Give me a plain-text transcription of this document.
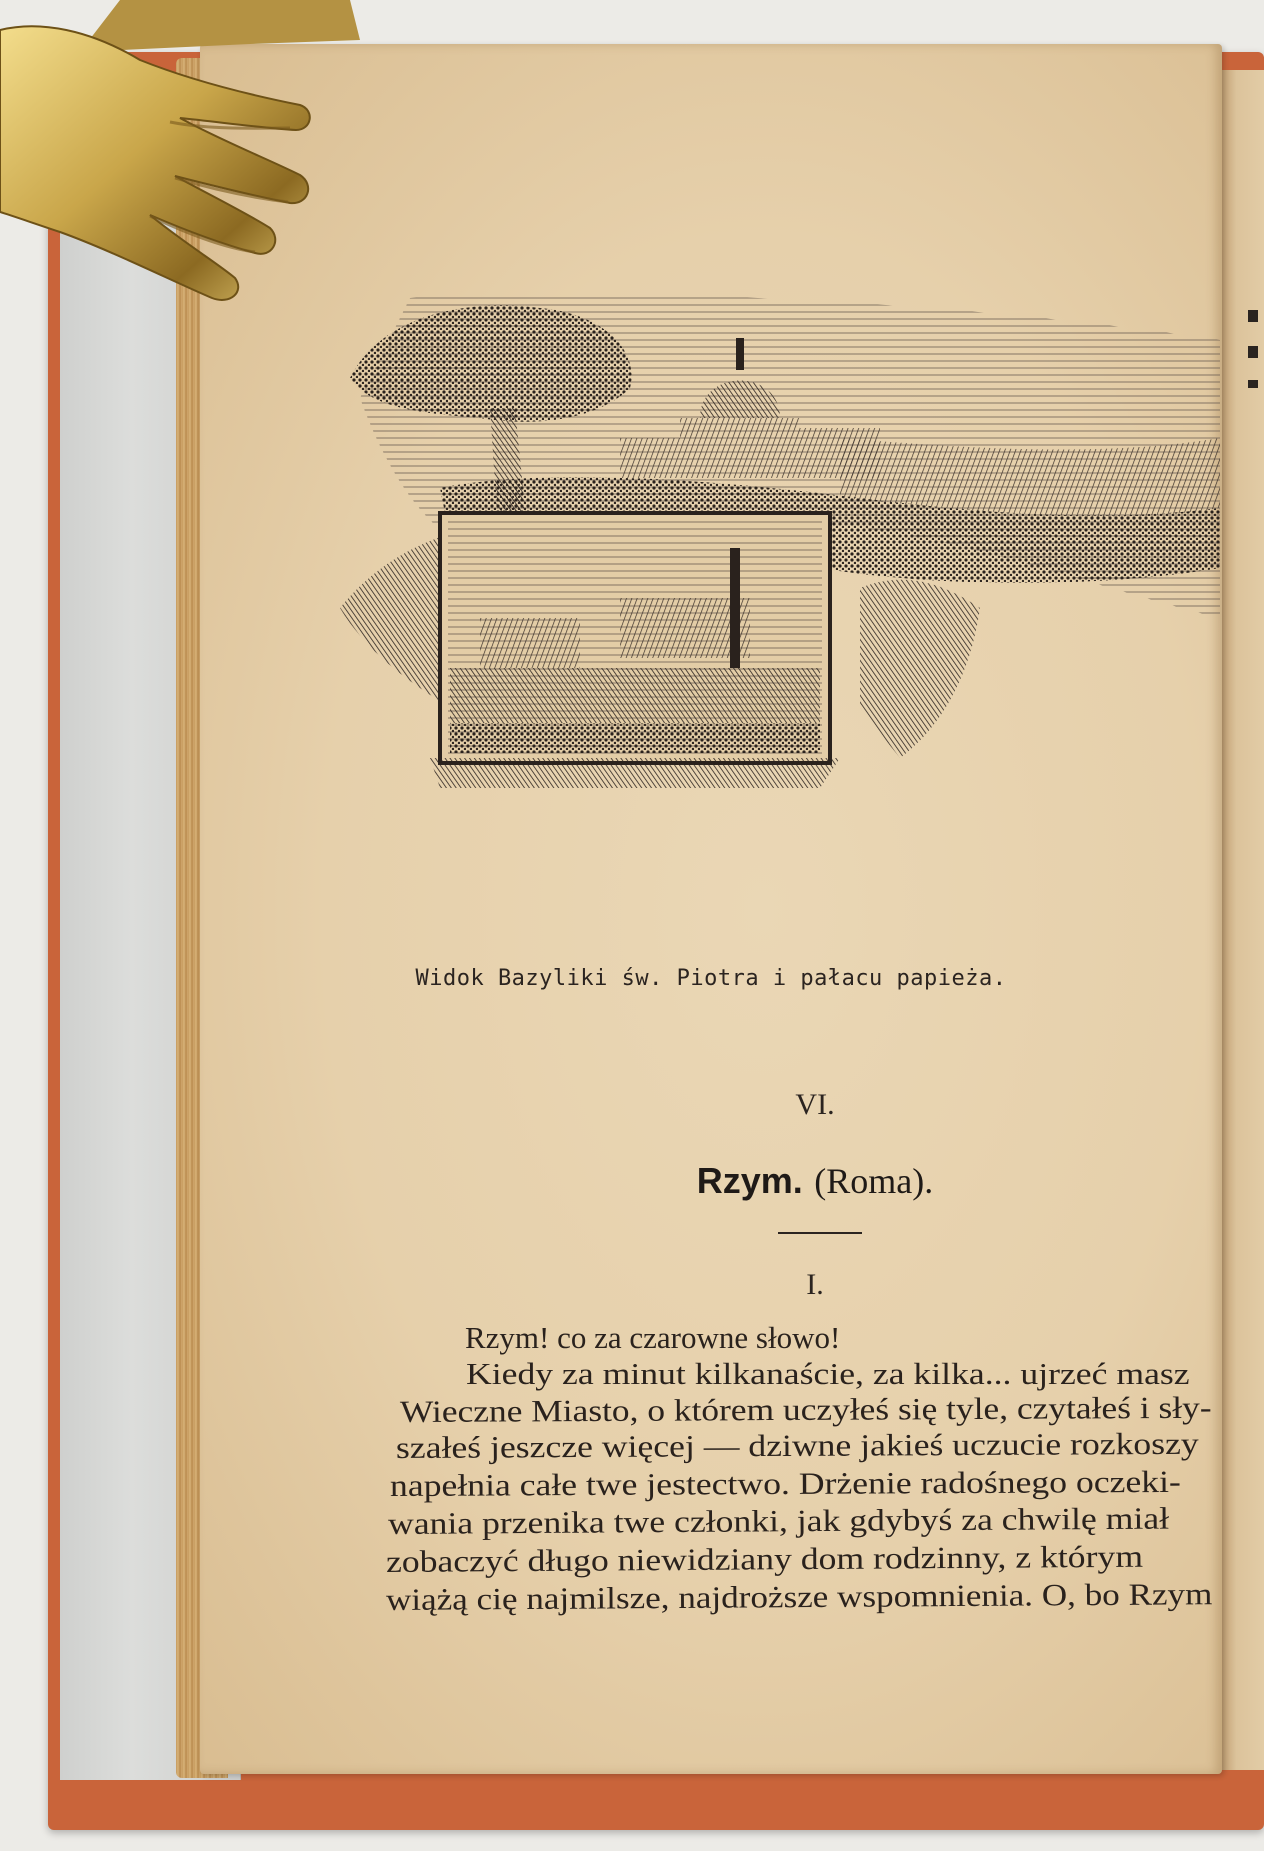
Widok Bazyliki św. Piotra i pałacu papieża.
VI.
Rzym. (Roma).
I.
Rzym! co za czarowne słowo!
Kiedy za minut kilkanaście, za kilka... ujrzeć masz
Wieczne Miasto, o którem uczyłeś się tyle, czytałeś i sły-
szałeś jeszcze więcej — dziwne jakieś uczucie rozkoszy
napełnia całe twe jestectwo. Drżenie radośnego oczeki-
wania przenika twe członki, jak gdybyś za chwilę miał
zobaczyć długo niewidziany dom rodzinny, z którym
wiążą cię najmilsze, najdroższe wspomnienia. O, bo Rzym
